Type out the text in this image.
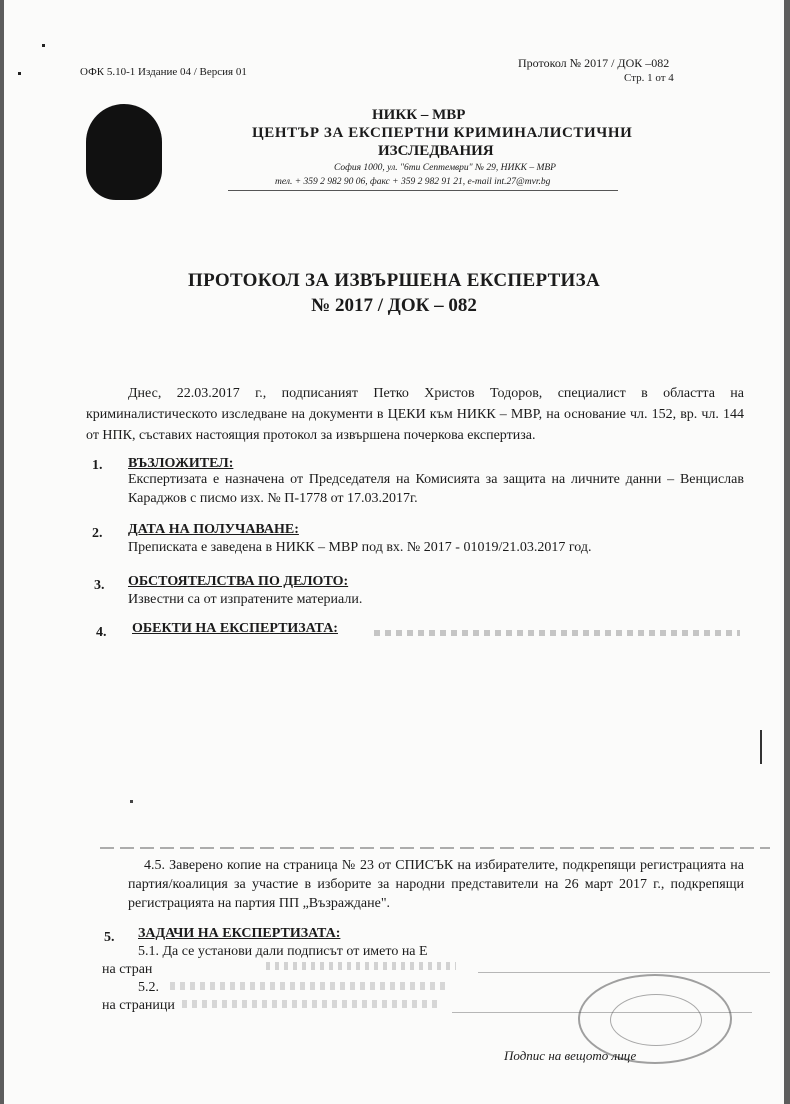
ОФК 5.10-1 Издание 04 / Версия 01
Протокол № 2017 / ДОК –082
Стр. 1 от 4
НИКК – МВР
ЦЕНТЪР ЗА ЕКСПЕРТНИ КРИМИНАЛИСТИЧНИ
ИЗСЛЕДВАНИЯ
София 1000, ул. "6ти Септември" № 29, НИКК – МВР
тел. + 359 2 982 90 06, факс + 359 2 982 91 21, e-mail int.27@mvr.bg
ПРОТОКОЛ ЗА ИЗВЪРШЕНА ЕКСПЕРТИЗА
№ 2017 / ДОК – 082
Днес, 22.03.2017 г., подписаният Петко Христов Тодоров, специалист в областта на криминалистическото изследване на документи в ЦЕКИ към НИКК – МВР, на основание чл. 152, вр. чл. 144 от НПК, съставих настоящия протокол за извършена почеркова експертиза.
1. ВЪЗЛОЖИТЕЛ:
Експертизата е назначена от Председателя на Комисията за защита на личните данни – Венцислав Караджов с писмо изх. № П-1778 от 17.03.2017г.
2. ДАТА НА ПОЛУЧАВАНЕ:
Преписката е заведена в НИКК – МВР под вх. № 2017 - 01019/21.03.2017 год.
3. ОБСТОЯТЕЛСТВА ПО ДЕЛОТО:
Известни са от изпратените материали.
4. ОБЕКТИ НА ЕКСПЕРТИЗАТА:
4.5. Заверено копие на страница № 23 от СПИСЪК на избирателите, подкрепящи регистрацията на партия/коалиция за участие в изборите за народни представители на 26 март 2017 г., подкрепящи регистрацията на партия ПП „Възраждане".
5. ЗАДАЧИ НА ЕКСПЕРТИЗАТА:
5.1. Да се установи дали подписът от името на Е
на стран
5.2.
на страници
Подпис на вещото лице
